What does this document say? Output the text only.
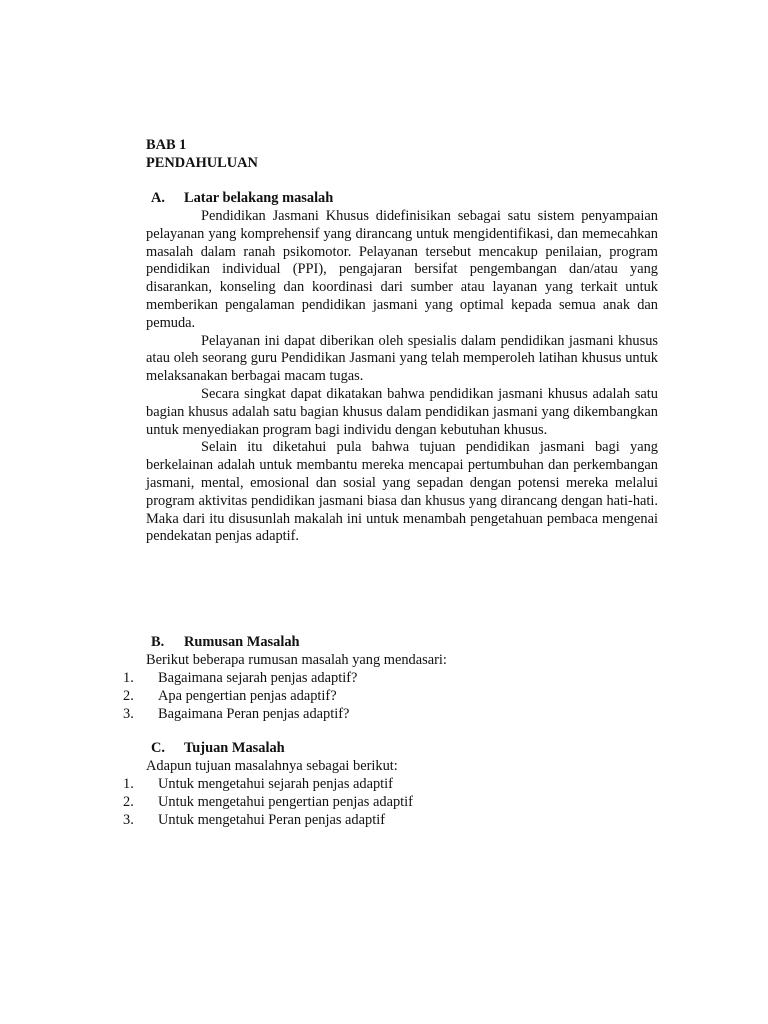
BAB 1
PENDAHULUAN
A. Latar belakang masalah

Pendidikan Jasmani Khusus didefinisikan sebagai satu sistem penyampaian pelayanan yang komprehensif yang dirancang untuk mengidentifikasi, dan memecahkan masalah dalam ranah psikomotor. Pelayanan tersebut mencakup penilaian, program pendidikan individual (PPI), pengajaran bersifat pengembangan dan/atau yang disarankan, konseling dan koordinasi dari sumber atau layanan yang terkait untuk memberikan pengalaman pendidikan jasmani yang optimal kepada semua anak dan pemuda.

Pelayanan ini dapat diberikan oleh spesialis dalam pendidikan jasmani khusus atau oleh seorang guru Pendidikan Jasmani yang telah memperoleh latihan khusus untuk melaksanakan berbagai macam tugas.

Secara singkat dapat dikatakan bahwa pendidikan jasmani khusus adalah satu bagian khusus adalah satu bagian khusus dalam pendidikan jasmani yang dikembangkan untuk menyediakan program bagi individu dengan kebutuhan khusus.

Selain itu diketahui pula bahwa tujuan pendidikan jasmani bagi yang berkelainan adalah untuk membantu mereka mencapai pertumbuhan dan perkembangan jasmani, mental, emosional dan sosial yang sepadan dengan potensi mereka melalui program aktivitas pendidikan jasmani biasa dan khusus yang dirancang dengan hati-hati. Maka dari itu disusunlah makalah ini untuk menambah pengetahuan pembaca mengenai pendekatan penjas adaptif.

B. Rumusan Masalah
Berikut beberapa rumusan masalah yang mendasari:
1. Bagaimana sejarah penjas adaptif?
2. Apa pengertian penjas adaptif?
3. Bagaimana Peran penjas adaptif?
C. Tujuan Masalah
Adapun tujuan masalahnya sebagai berikut:
1. Untuk mengetahui sejarah penjas adaptif
2. Untuk mengetahui pengertian penjas adaptif
3. Untuk mengetahui Peran penjas adaptif
